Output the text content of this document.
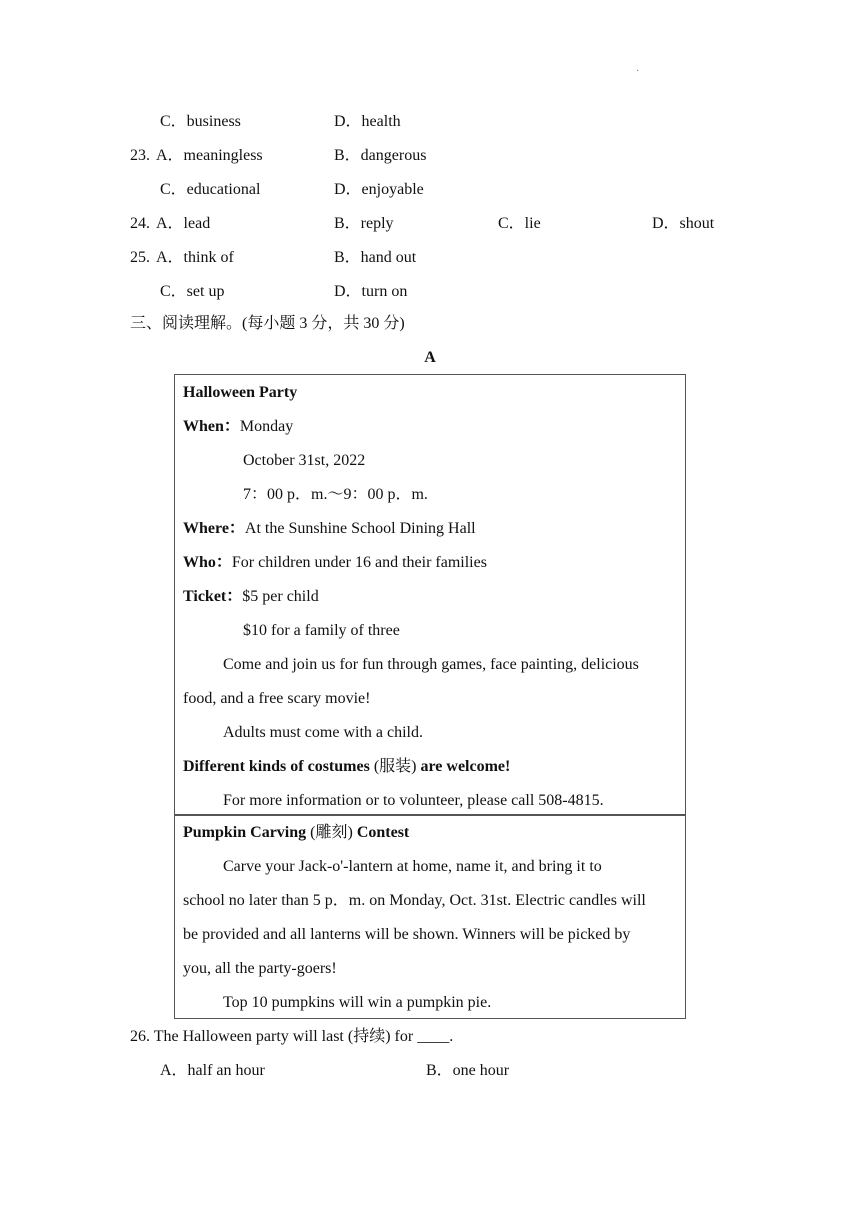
·
C．business	D．health
23. A．meaningless	B．dangerous
C．educational	D．enjoyable
24. A．lead	B．reply	C．lie	D．shout
25. A．think of	B．hand out
C．set up	D．turn on
三、阅读理解。(每小题 3 分，共 30 分)
A
Halloween Party
When：Monday
October 31st, 2022
7：00 p．m.～9：00 p．m.
Where：At the Sunshine School Dining Hall
Who：For children under 16 and their families
Ticket：$5 per child
$10 for a family of three
Come and join us for fun through games, face painting, delicious
food, and a free scary movie!
Adults must come with a child.
Different kinds of costumes (服装) are welcome!
For more information or to volunteer, please call 508-4815.
Pumpkin Carving (雕刻) Contest
Carve your Jack-o'-lantern at home, name it, and bring it to
school no later than 5 p．m. on Monday, Oct. 31st. Electric candles will
be provided and all lanterns will be shown. Winners will be picked by
you, all the party-goers!
Top 10 pumpkins will win a pumpkin pie.
26. The Halloween party will last (持续) for ____.
A．half an hour	B．one hour
